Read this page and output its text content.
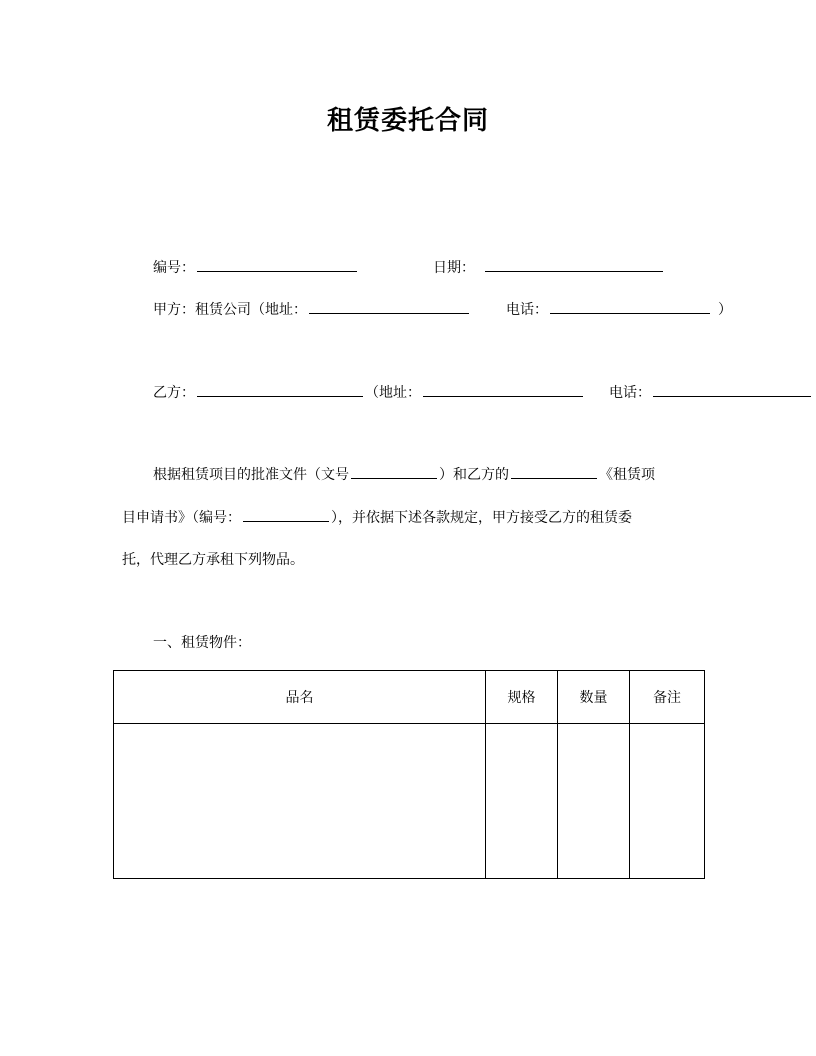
租赁委托合同
编号：	日期：
甲方：租赁公司（地址：	电话：	）
乙方：	（地址：	电话：
根据租赁项目的批准文件（文号	）和乙方的	《租赁项
目申请书》（编号：	），并依据下述各款规定，甲方接受乙方的租赁委
托，代理乙方承租下列物品。
一、租赁物件：
品名	规格	数量	备注
